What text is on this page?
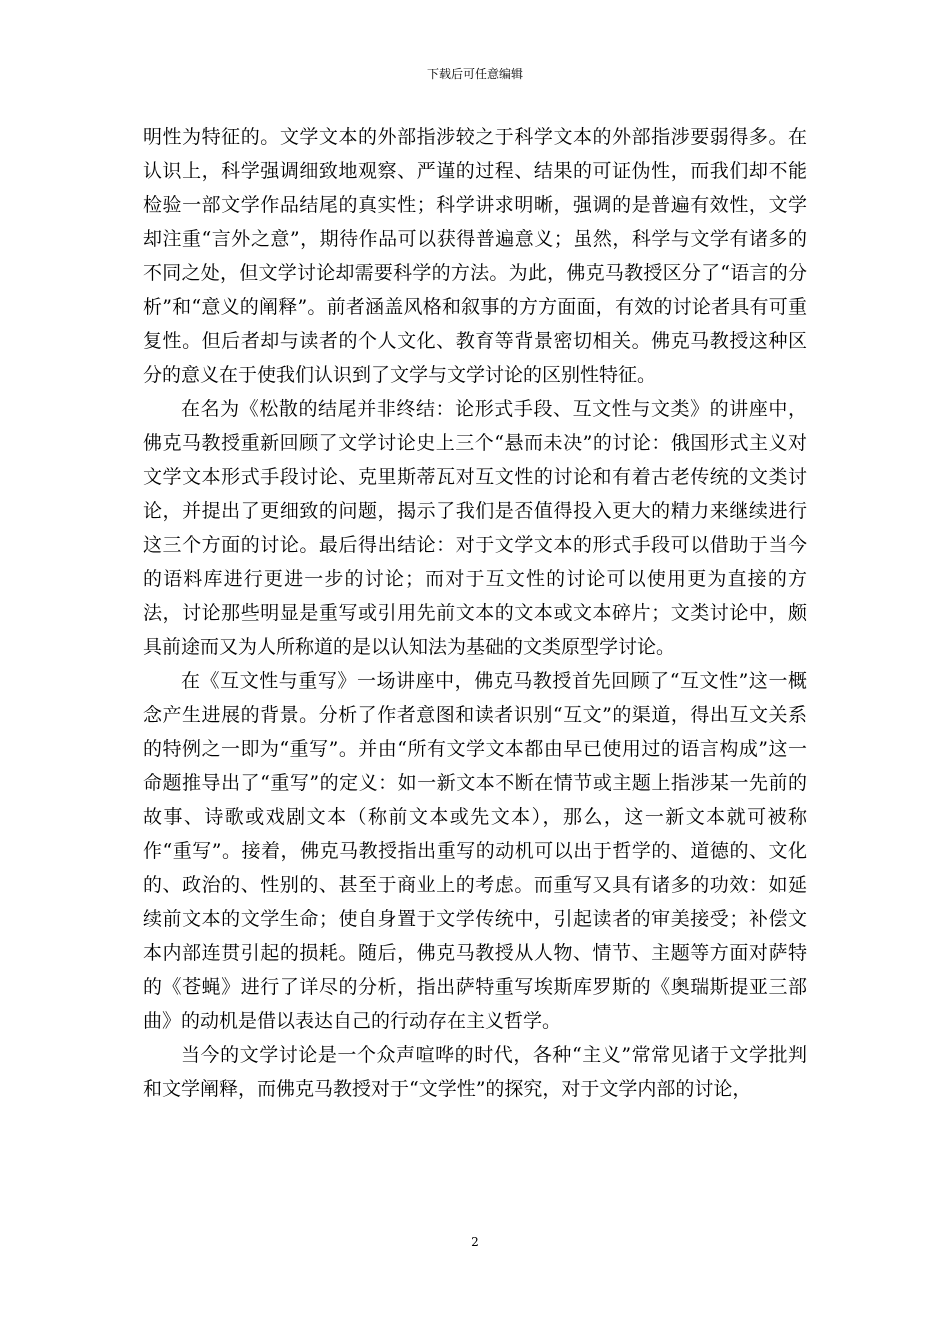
下载后可任意编辑

明性为特征的。文学文本的外部指涉较之于科学文本的外部指涉要弱得多。在认识上，科学强调细致地观察、严谨的过程、结果的可证伪性，而我们却不能检验一部文学作品结尾的真实性；科学讲求明晰，强调的是普遍有效性，文学却注重“言外之意”，期待作品可以获得普遍意义；虽然，科学与文学有诸多的不同之处，但文学讨论却需要科学的方法。为此，佛克马教授区分了“语言的分析”和“意义的阐释”。前者涵盖风格和叙事的方方面面，有效的讨论者具有可重复性。但后者却与读者的个人文化、教育等背景密切相关。佛克马教授这种区分的意义在于使我们认识到了文学与文学讨论的区别性特征。

在名为《松散的结尾并非终结：论形式手段、互文性与文类》的讲座中，佛克马教授重新回顾了文学讨论史上三个“悬而未决”的讨论：俄国形式主义对文学文本形式手段讨论、克里斯蒂瓦对互文性的讨论和有着古老传统的文类讨论，并提出了更细致的问题，揭示了我们是否值得投入更大的精力来继续进行这三个方面的讨论。最后得出结论：对于文学文本的形式手段可以借助于当今的语料库进行更进一步的讨论；而对于互文性的讨论可以使用更为直接的方法，讨论那些明显是重写或引用先前文本的文本或文本碎片；文类讨论中，颇具前途而又为人所称道的是以认知法为基础的文类原型学讨论。

在《互文性与重写》一场讲座中，佛克马教授首先回顾了“互文性”这一概念产生进展的背景。分析了作者意图和读者识别“互文”的渠道，得出互文关系的特例之一即为“重写”。并由“所有文学文本都由早已使用过的语言构成”这一命题推导出了“重写”的定义：如一新文本不断在情节或主题上指涉某一先前的故事、诗歌或戏剧文本（称前文本或先文本），那么，这一新文本就可被称作“重写”。接着，佛克马教授指出重写的动机可以出于哲学的、道德的、文化的、政治的、性别的、甚至于商业上的考虑。而重写又具有诸多的功效：如延续前文本的文学生命；使自身置于文学传统中，引起读者的审美接受；补偿文本内部连贯引起的损耗。随后，佛克马教授从人物、情节、主题等方面对萨特的《苍蝇》进行了详尽的分析，指出萨特重写埃斯库罗斯的《奥瑞斯提亚三部曲》的动机是借以表达自己的行动存在主义哲学。

当今的文学讨论是一个众声喧哗的时代，各种“主义”常常见诸于文学批判和文学阐释，而佛克马教授对于“文学性”的探究，对于文学内部的讨论，

2
